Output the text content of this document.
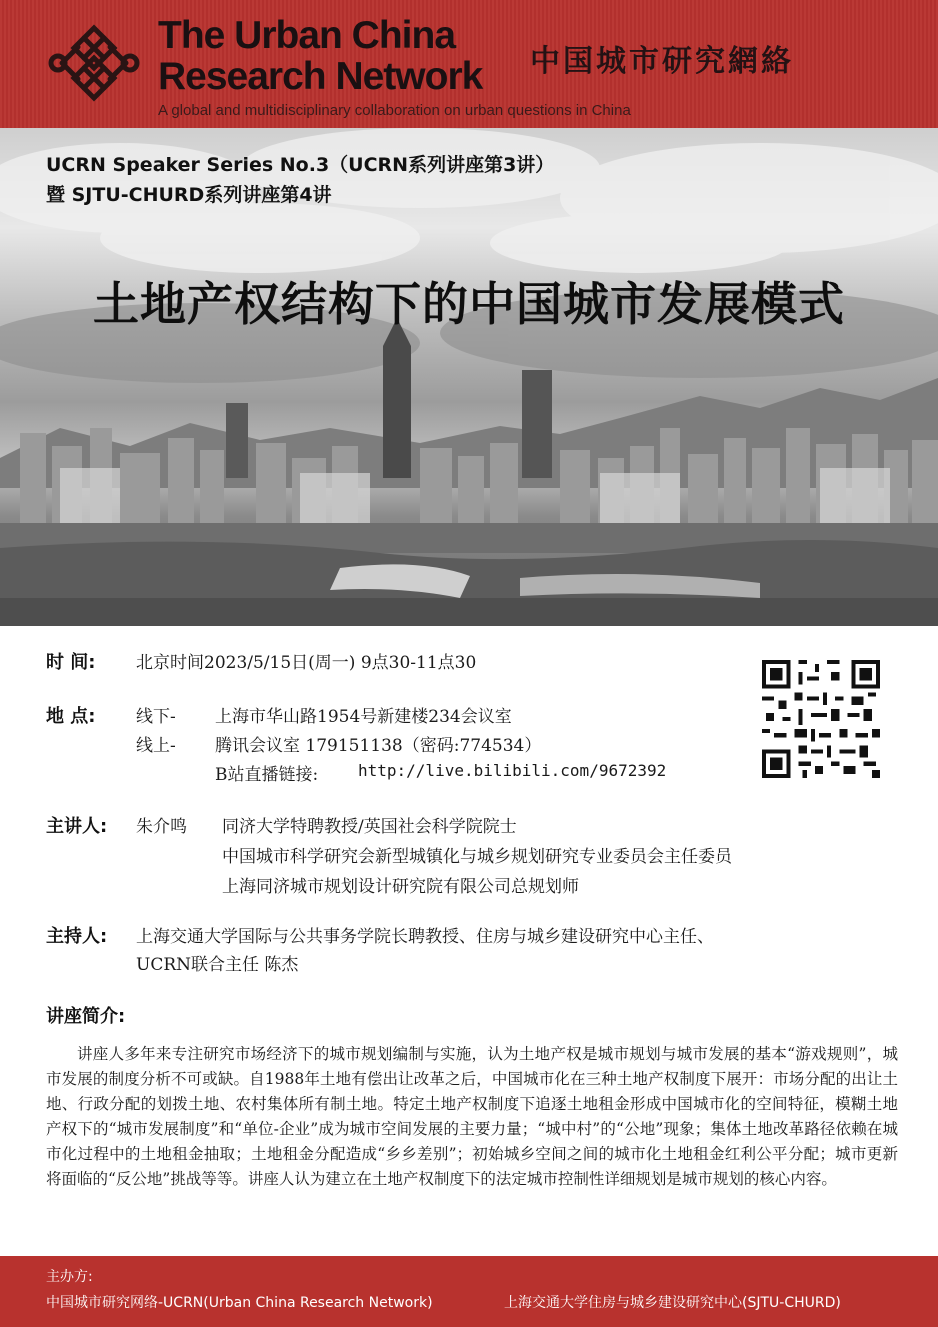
The Urban China
Research Network 中国城市研究網絡
A global and multidisciplinary collaboration on urban questions in China
UCRN Speaker Series No.3（UCRN系列讲座第3讲）
暨 SJTU-CHURD系列讲座第4讲
土地产权结构下的中国城市发展模式
时 间: 北京时间2023/5/15日(周一) 9点30-11点30
地 点: 线下- 上海市华山路1954号新建楼234会议室
线上- 腾讯会议室 179151138（密码:774534）
B站直播链接: http://live.bilibili.com/9672392
主讲人: 朱介鸣 同济大学特聘教授/英国社会科学院院士
中国城市科学研究会新型城镇化与城乡规划研究专业委员会主任委员
上海同济城市规划设计研究院有限公司总规划师
主持人: 上海交通大学国际与公共事务学院长聘教授、住房与城乡建设研究中心主任、
UCRN联合主任 陈杰
讲座简介:
讲座人多年来专注研究市场经济下的城市规划编制与实施，认为土地产权是城市规划与城市发展的基本“游戏规则”，城市发展的制度分析不可或缺。自1988年土地有偿出让改革之后，中国城市化在三种土地产权制度下展开：市场分配的出让土地、行政分配的划拨土地、农村集体所有制土地。特定土地产权制度下追逐土地租金形成中国城市化的空间特征，模糊土地产权下的“城市发展制度”和“单位-企业”成为城市空间发展的主要力量；“城中村”的“公地”现象；集体土地改革路径依赖在城市化过程中的土地租金抽取；土地租金分配造成“乡乡差别”；初始城乡空间之间的城市化土地租金红利公平分配；城市更新将面临的“反公地”挑战等等。讲座人认为建立在土地产权制度下的法定城市控制性详细规划是城市规划的核心内容。
主办方:
中国城市研究网络-UCRN(Urban China Research Network)	上海交通大学住房与城乡建设研究中心(SJTU-CHURD)
